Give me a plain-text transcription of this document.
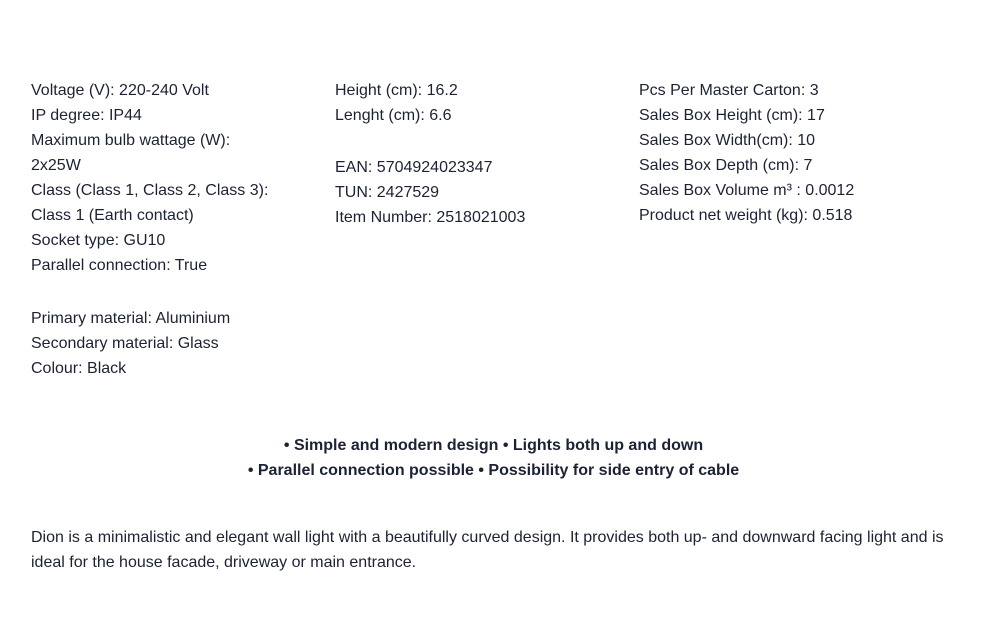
Voltage (V): 220-240 Volt
IP degree: IP44
Maximum bulb wattage (W):
2x25W
Class (Class 1, Class 2, Class 3):
Class 1 (Earth contact)
Socket type: GU10
Parallel connection: True
Primary material: Aluminium
Secondary material: Glass
Colour: Black
Height (cm): 16.2
Lenght (cm): 6.6
EAN: 5704924023347
TUN: 2427529
Item Number: 2518021003
Pcs Per Master Carton: 3
Sales Box Height (cm): 17
Sales Box Width(cm): 10
Sales Box Depth (cm): 7
Sales Box Volume m³ : 0.0012
Product net weight (kg): 0.518
• Simple and modern design • Lights both up and down
• Parallel connection possible • Possibility for side entry of cable
Dion is a minimalistic and elegant wall light with a beautifully curved design. It provides both up- and downward facing light and is ideal for the house facade, driveway or main entrance.
